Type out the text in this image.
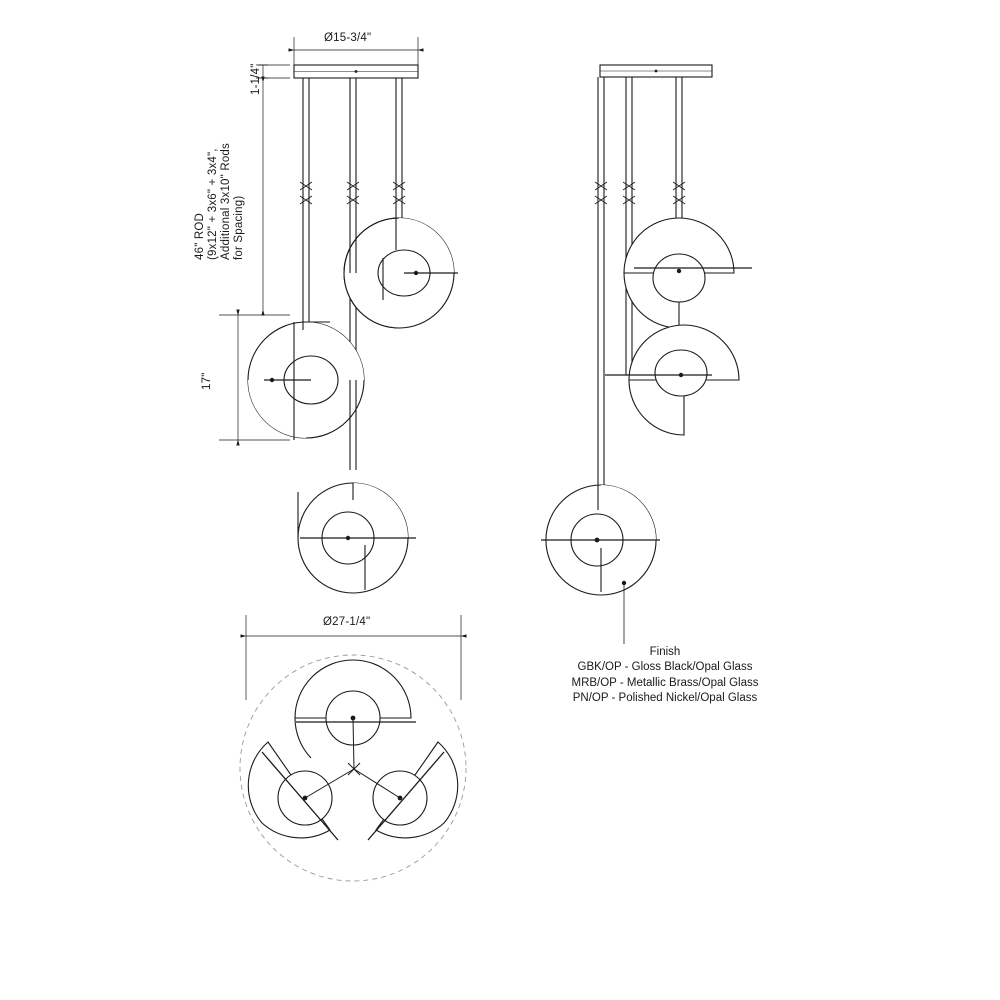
Ø15-3/4"
1-1/4"
46" ROD (9x12" + 3x6" + 3x4", Additional 3x10" Rods for Spacing)
17"
Ø27-1/4"
Finish
GBK/OP - Gloss Black/Opal Glass
MRB/OP - Metallic Brass/Opal Glass
PN/OP - Polished Nickel/Opal Glass
